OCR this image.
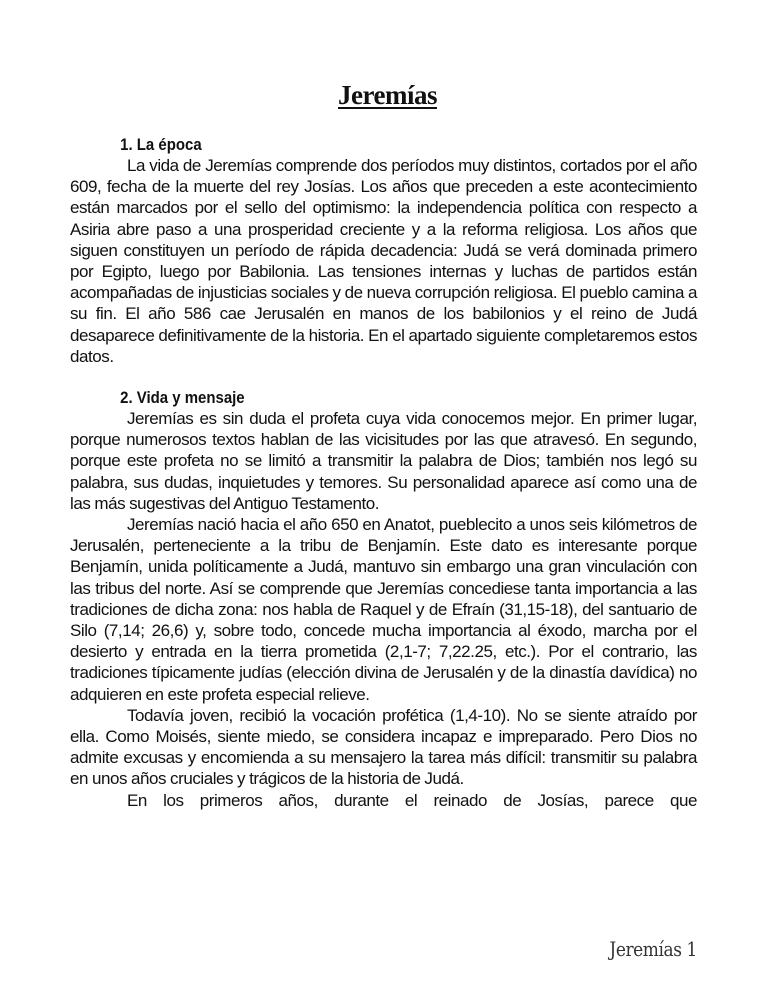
Jeremías
1. La época

La vida de Jeremías comprende dos períodos muy distintos, cortados por el año 609, fecha de la muerte del rey Josías. Los años que preceden a este acontecimiento están marcados por el sello del optimismo: la independencia política con respecto a Asiria abre paso a una prosperidad creciente y a la reforma religiosa. Los años que siguen constituyen un período de rápida decadencia: Judá se verá dominada primero por Egipto, luego por Babilonia. Las tensiones internas y luchas de partidos están acompañadas de injusticias sociales y de nueva corrupción religiosa. El pueblo camina a su fin. El año 586 cae Jerusalén en manos de los babilonios y el reino de Judá desaparece definitivamente de la historia. En el apartado siguiente completaremos estos datos.

2. Vida y mensaje

Jeremías es sin duda el profeta cuya vida conocemos mejor. En primer lugar, porque numerosos textos hablan de las vicisitudes por las que atravesó. En segundo, porque este profeta no se limitó a transmitir la palabra de Dios; también nos legó su palabra, sus dudas, inquietudes y temores. Su personalidad aparece así como una de las más sugestivas del Antiguo Testamento.

Jeremías nació hacia el año 650 en Anatot, pueblecito a unos seis kilómetros de Jerusalén, perteneciente a la tribu de Benjamín. Este dato es interesante porque Benjamín, unida políticamente a Judá, mantuvo sin embargo una gran vinculación con las tribus del norte. Así se comprende que Jeremías concediese tanta importancia a las tradiciones de dicha zona: nos habla de Raquel y de Efraín (31,15-18), del santuario de Silo (7,14; 26,6) y, sobre todo, concede mucha importancia al éxodo, marcha por el desierto y entrada en la tierra prometida (2,1-7; 7,22.25, etc.). Por el contrario, las tradiciones típicamente judías (elección divina de Jerusalén y de la dinastía davídica) no adquieren en este profeta especial relieve.

Todavía joven, recibió la vocación profética (1,4-10). No se siente atraído por ella. Como Moisés, siente miedo, se considera incapaz e impreparado. Pero Dios no admite excusas y encomienda a su mensajero la tarea más difícil: transmitir su palabra en unos años cruciales y trágicos de la historia de Judá.

En los primeros años, durante el reinado de Josías, parece que

Jeremías 1
